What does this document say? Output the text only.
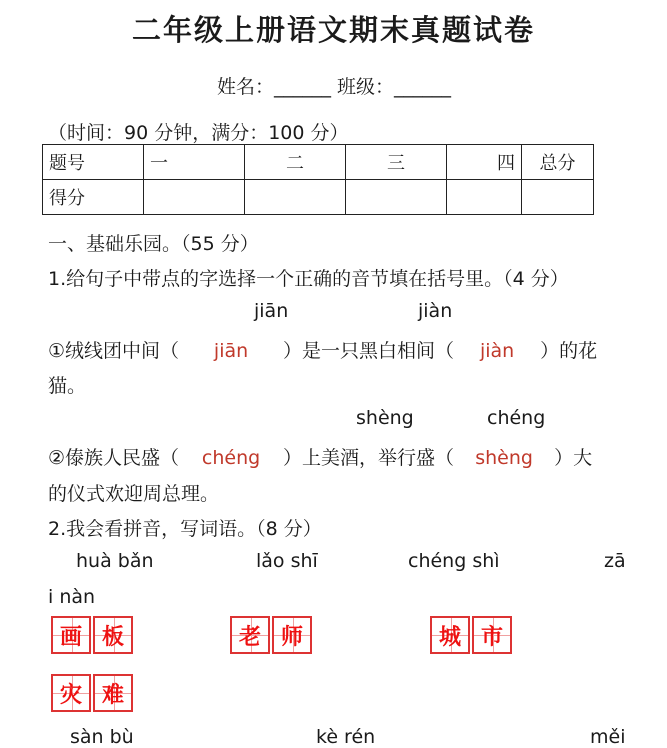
二年级上册语文期末真题试卷
姓名：______ 班级：______
（时间：90 分钟，满分：100 分）
题号	一	二	三	四	总分
得分					
一、基础乐园。（55 分）
1.给句子中带点的字选择一个正确的音节填在括号里。（4 分）
jiān	jiàn
①绒线团中间（ jiān ）是一只黑白相间（ jiàn ）的花
猫。
shèng	chéng
②傣族人民盛（ chéng ）上美酒，举行盛（ shèng ）大
的仪式欢迎周总理。
2.我会看拼音，写词语。（8 分）
huà bǎn	lǎo shī	chéng shì	zā
i nàn
画 板	老 师	城 市
灾 难
sàn bù	kè rén	měi
